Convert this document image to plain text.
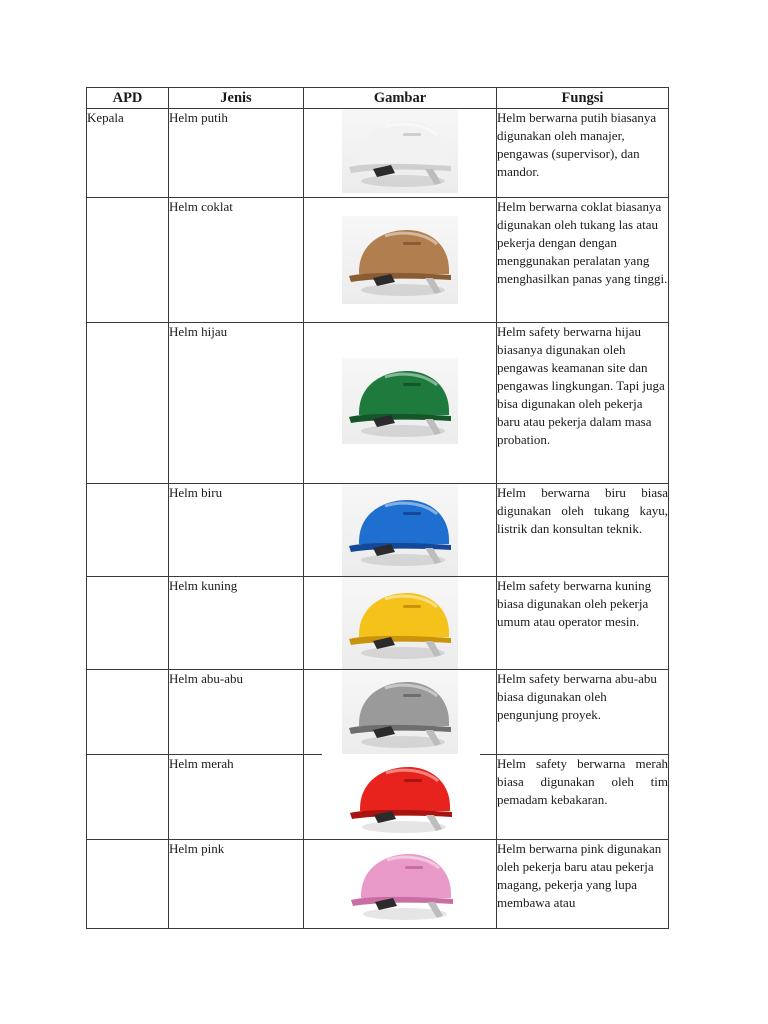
APD	Jenis	Gambar	Fungsi
Kepala	Helm putih		Helm berwarna putih biasanya digunakan oleh manajer, pengawas (supervisor), dan mandor.
	Helm coklat		Helm berwarna coklat biasanya digunakan oleh tukang las atau pekerja dengan dengan menggunakan peralatan yang menghasilkan panas yang tinggi.
	Helm hijau		Helm safety berwarna hijau biasanya digunakan oleh pengawas keamanan site dan pengawas lingkungan. Tapi juga bisa digunakan oleh pekerja baru atau pekerja dalam masa probation.
	Helm biru		Helm berwarna biru biasa digunakan oleh tukang kayu, listrik dan konsultan teknik.
	Helm kuning		Helm safety berwarna kuning biasa digunakan oleh pekerja umum atau operator mesin.
	Helm abu-abu		Helm safety berwarna abu-abu biasa digunakan oleh pengunjung proyek.
	Helm merah		Helm safety berwarna merah biasa digunakan oleh tim pemadam kebakaran.
	Helm pink		Helm berwarna pink digunakan oleh pekerja baru atau pekerja magang, pekerja yang lupa membawa atau
